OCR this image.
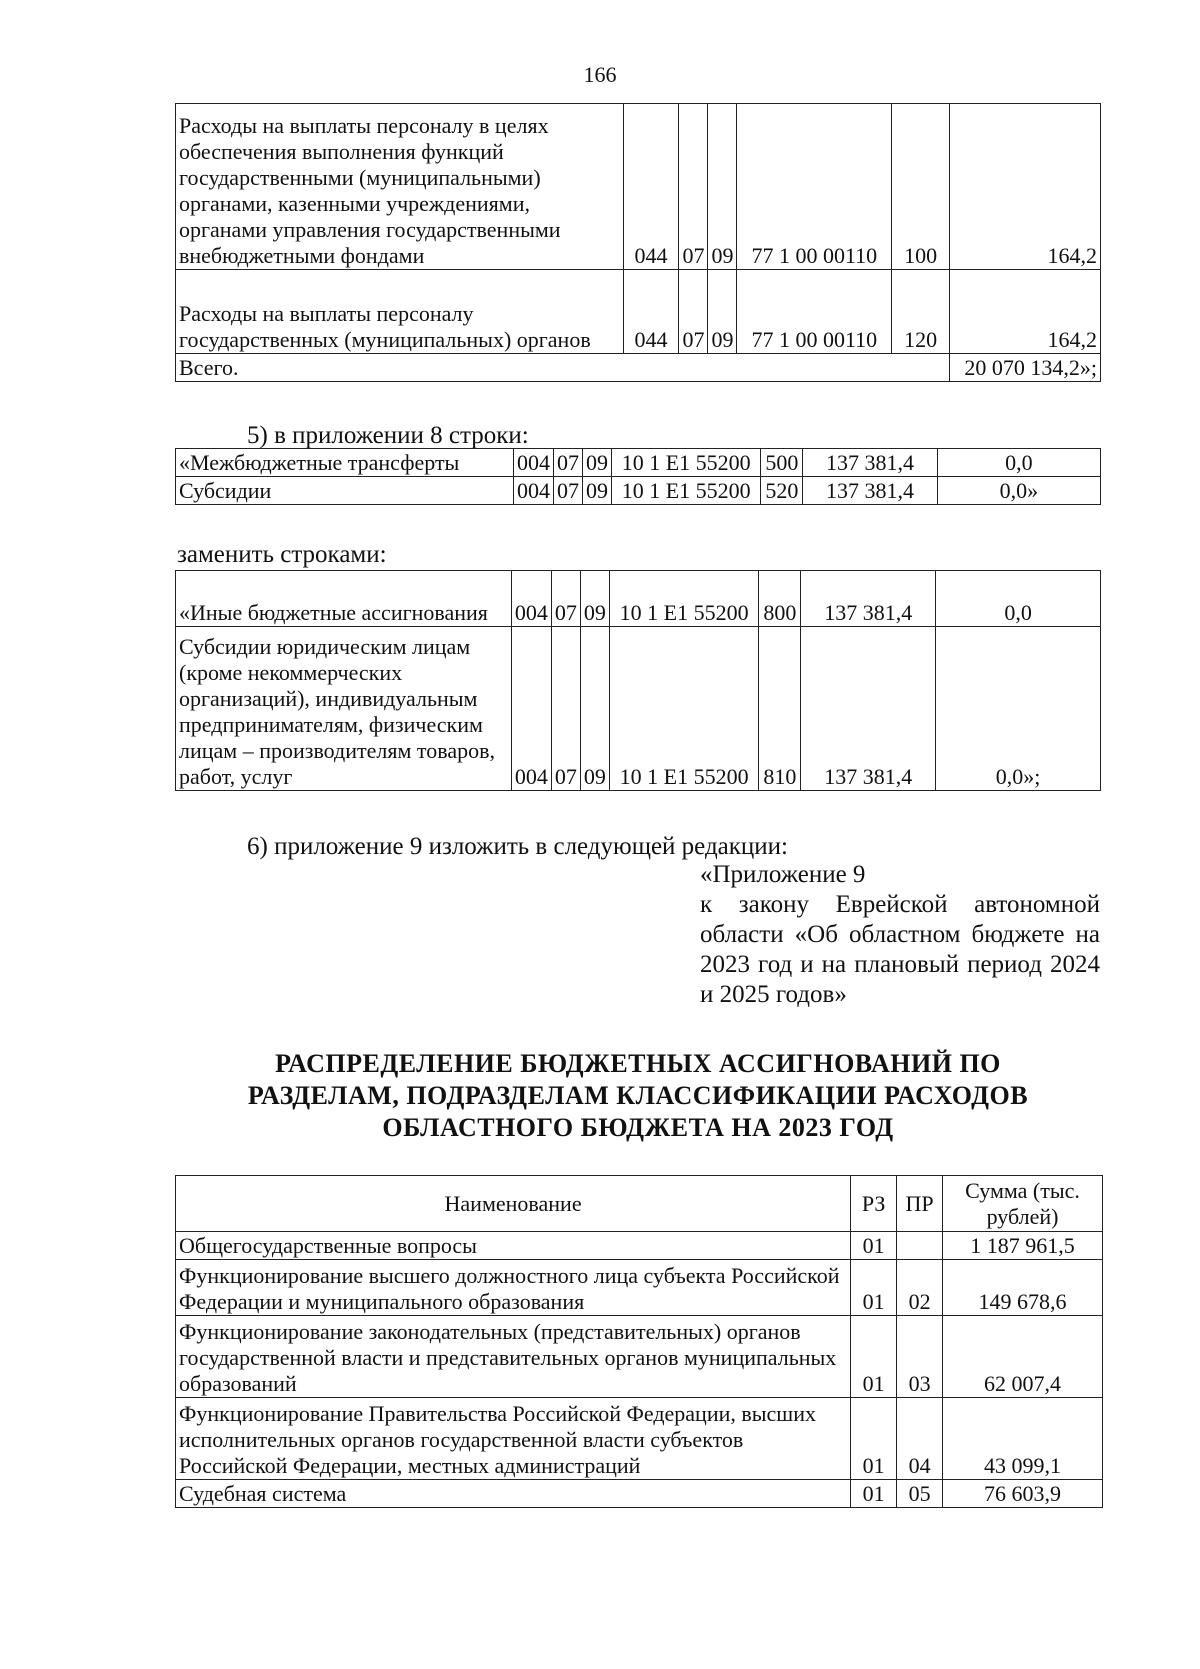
166
Расходы на выплаты персоналу в целях обеспечения выполнения функций государственными (муниципальными) органами, казенными учреждениями, органами управления государственными внебюджетными фондами	044	07	09	77 1 00 00110	100	164,2
Расходы на выплаты персоналу государственных (муниципальных) органов	044	07	09	77 1 00 00110	120	164,2
Всего.						20 070 134,2»;
5) в приложении 8 строки:
«Межбюджетные трансферты	004	07	09	10 1 E1 55200	500	137 381,4	0,0
Субсидии	004	07	09	10 1 E1 55200	520	137 381,4	0,0»
заменить строками:
«Иные бюджетные ассигнования	004	07	09	10 1 E1 55200	800	137 381,4	0,0
Субсидии юридическим лицам (кроме некоммерческих организаций), индивидуальным предпринимателям, физическим лицам – производителям товаров, работ, услуг	004	07	09	10 1 E1 55200	810	137 381,4	0,0»;
6) приложение 9 изложить в следующей редакции:
«Приложение 9
к закону Еврейской автономной области «Об областном бюджете на 2023 год и на плановый период 2024 и 2025 годов»
РАСПРЕДЕЛЕНИЕ БЮДЖЕТНЫХ АССИГНОВАНИЙ ПО
РАЗДЕЛАМ, ПОДРАЗДЕЛАМ КЛАССИФИКАЦИИ РАСХОДОВ
ОБЛАСТНОГО БЮДЖЕТА НА 2023 ГОД
Наименование	РЗ	ПР	Сумма (тыс. рублей)
Общегосударственные вопросы	01		1 187 961,5
Функционирование высшего должностного лица субъекта Российской Федерации и муниципального образования	01	02	149 678,6
Функционирование законодательных (представительных) органов государственной власти и представительных органов муниципальных образований	01	03	62 007,4
Функционирование Правительства Российской Федерации, высших исполнительных органов государственной власти субъектов Российской Федерации, местных администраций	01	04	43 099,1
Судебная система	01	05	76 603,9
